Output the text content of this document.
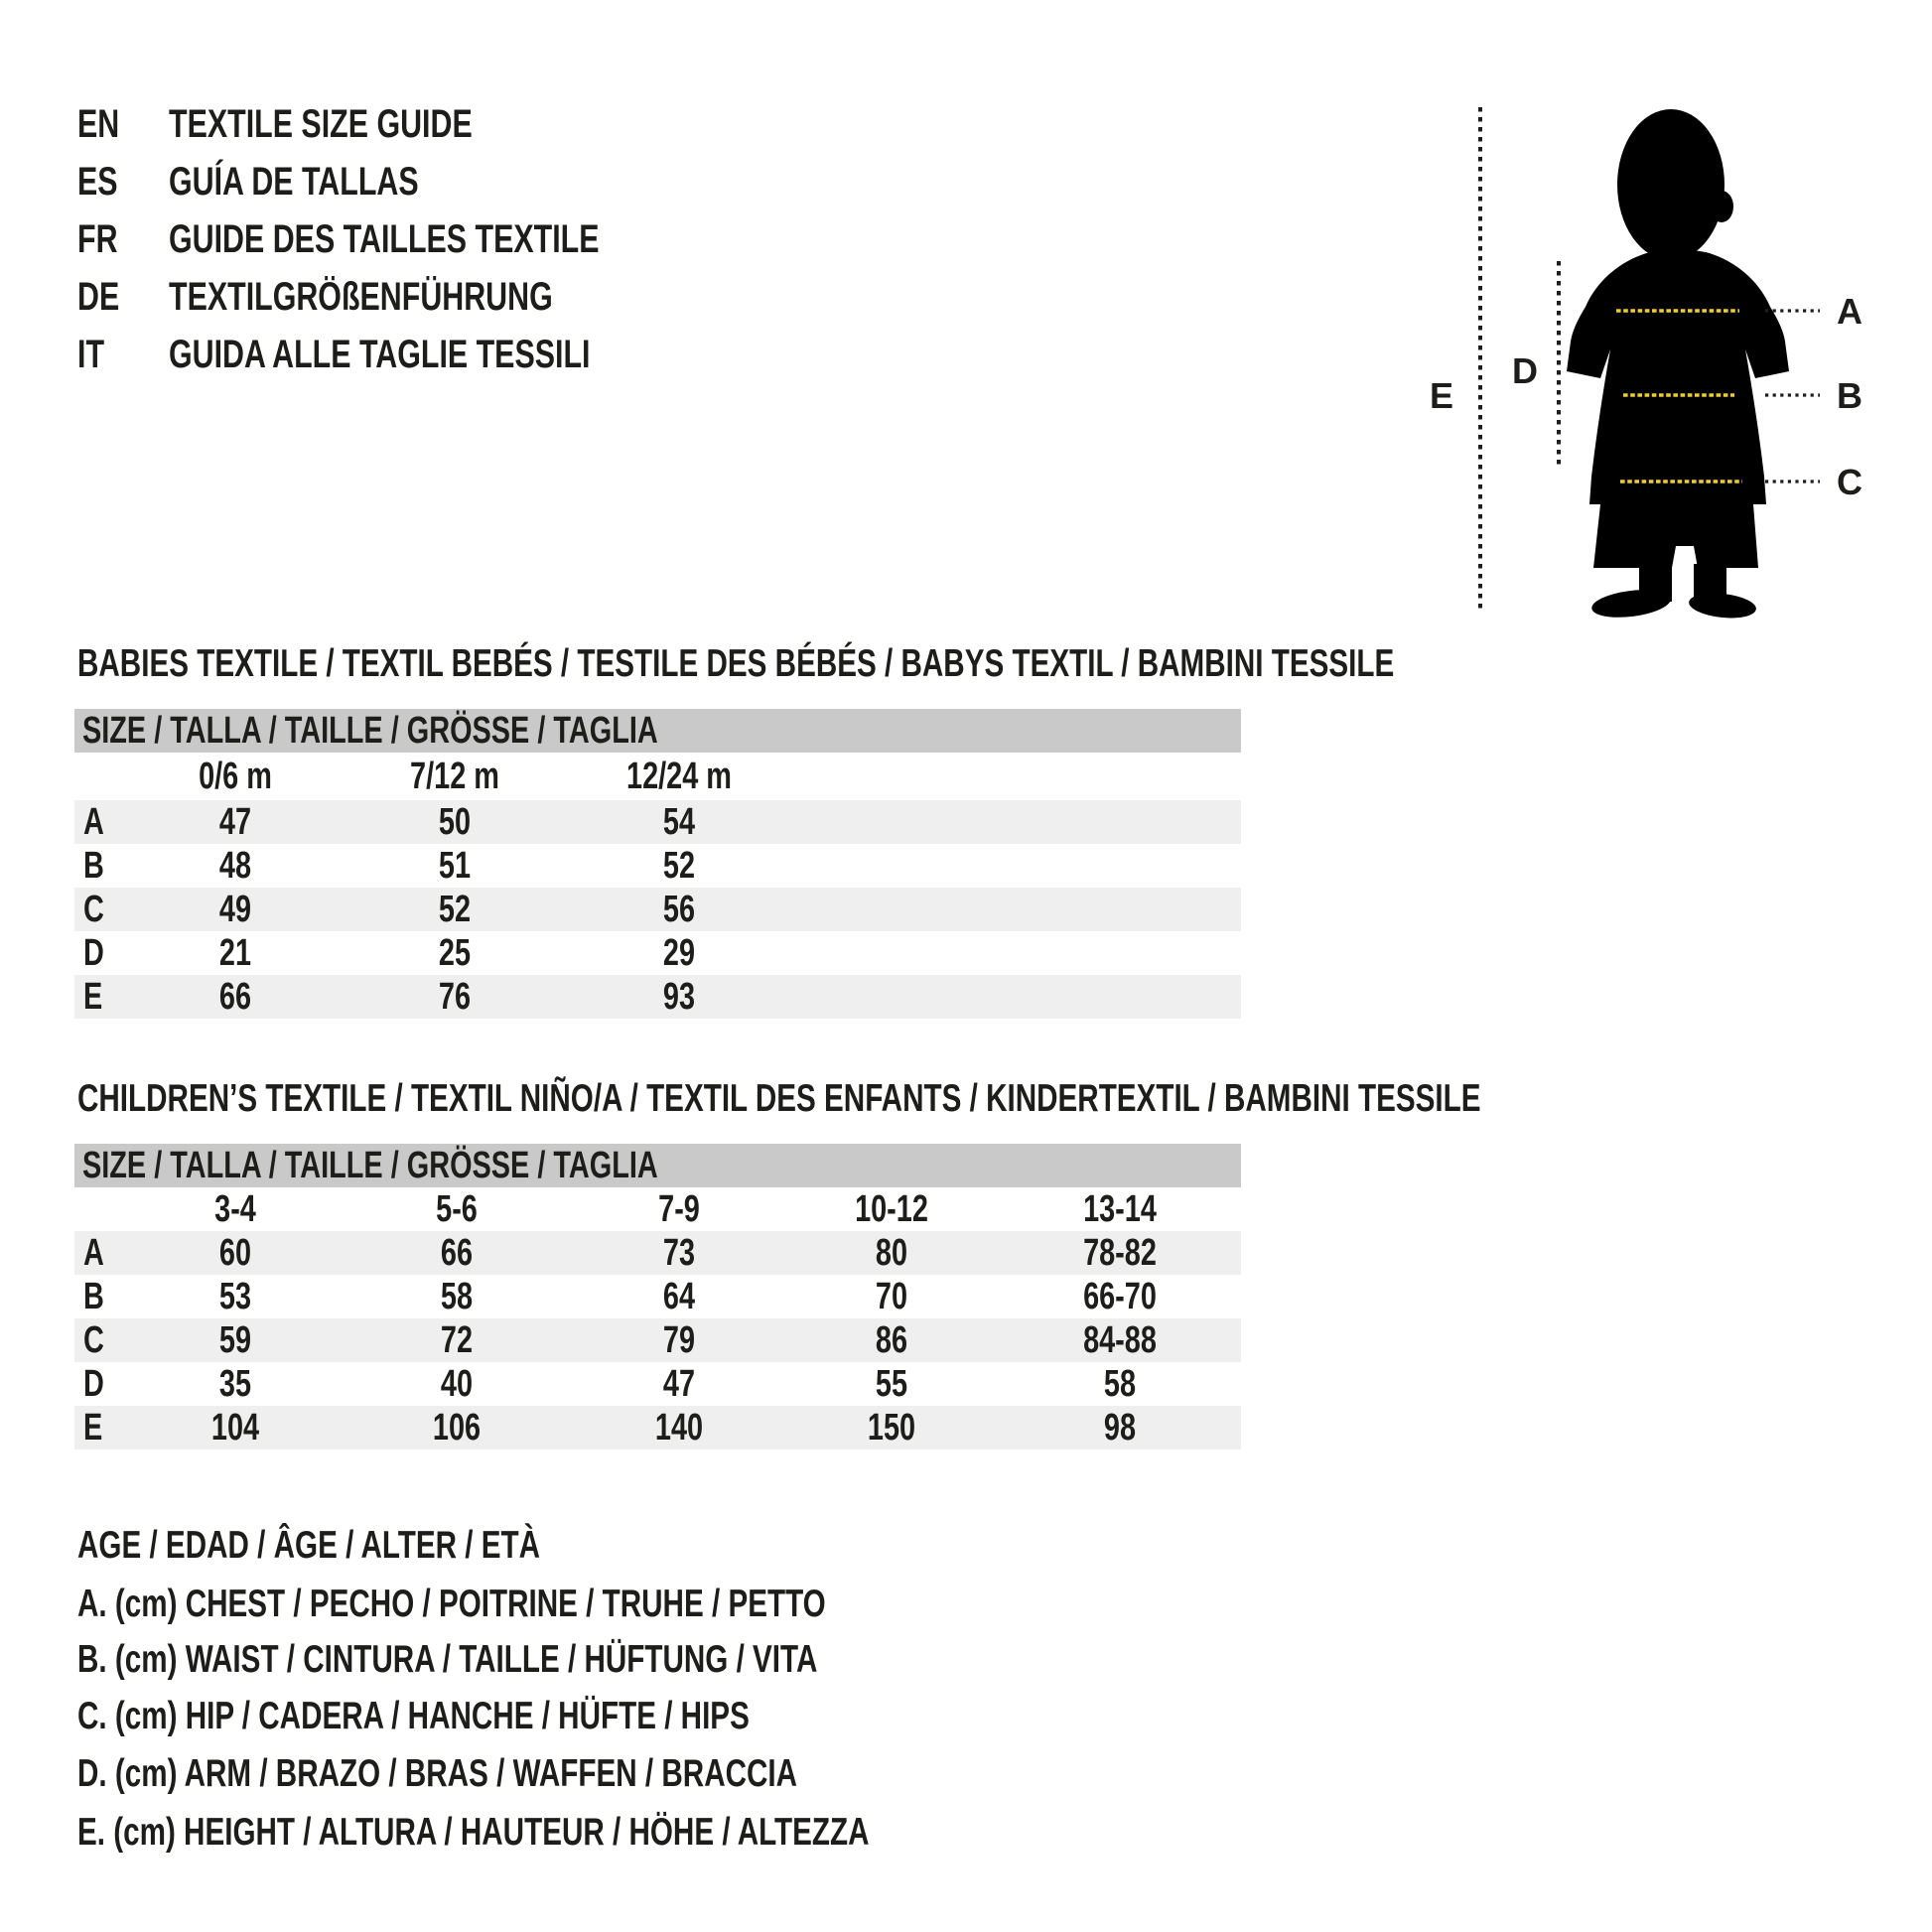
EN	TEXTILE SIZE GUIDE
ES	GUÍA DE TALLAS
FR	GUIDE DES TAILLES TEXTILE
DE	TEXTILGRÖßENFÜHRUNG
IT GUIDA ALLE TAGLIE TESSILI
E
D
A
B
C
BABIES TEXTILE / TEXTIL BEBÉS / TESTILE DES BÉBÉS / BABYS TEXTIL / BAMBINI TESSILE
SIZE / TALLA / TAILLE / GRÖSSE / TAGLIA
0/6 m	7/12 m	12/24 m
A	47	50	54
B	48	51	52
C	49	52	56
D	21	25	29
E	66	76	93
CHILDREN’S TEXTILE / TEXTIL NIÑO/A / TEXTIL DES ENFANTS / KINDERTEXTIL / BAMBINI TESSILE
SIZE / TALLA / TAILLE / GRÖSSE / TAGLIA
3-4	5-6	7-9	10-12	13-14
A	60	66	73	80	78-82
B	53	58	64	70	66-70
C	59	72	79	86	84-88
D	35	40	47	55	58
E	104	106	140	150	98
AGE / EDAD / ÂGE / ALTER / ETÀ
A. (cm) CHEST / PECHO / POITRINE / TRUHE / PETTO
B. (cm) WAIST / CINTURA / TAILLE / HÜFTUNG / VITA
C. (cm) HIP / CADERA / HANCHE / HÜFTE / HIPS
D. (cm) ARM / BRAZO / BRAS / WAFFEN / BRACCIA
E. (cm) HEIGHT / ALTURA / HAUTEUR / HÖHE / ALTEZZA
